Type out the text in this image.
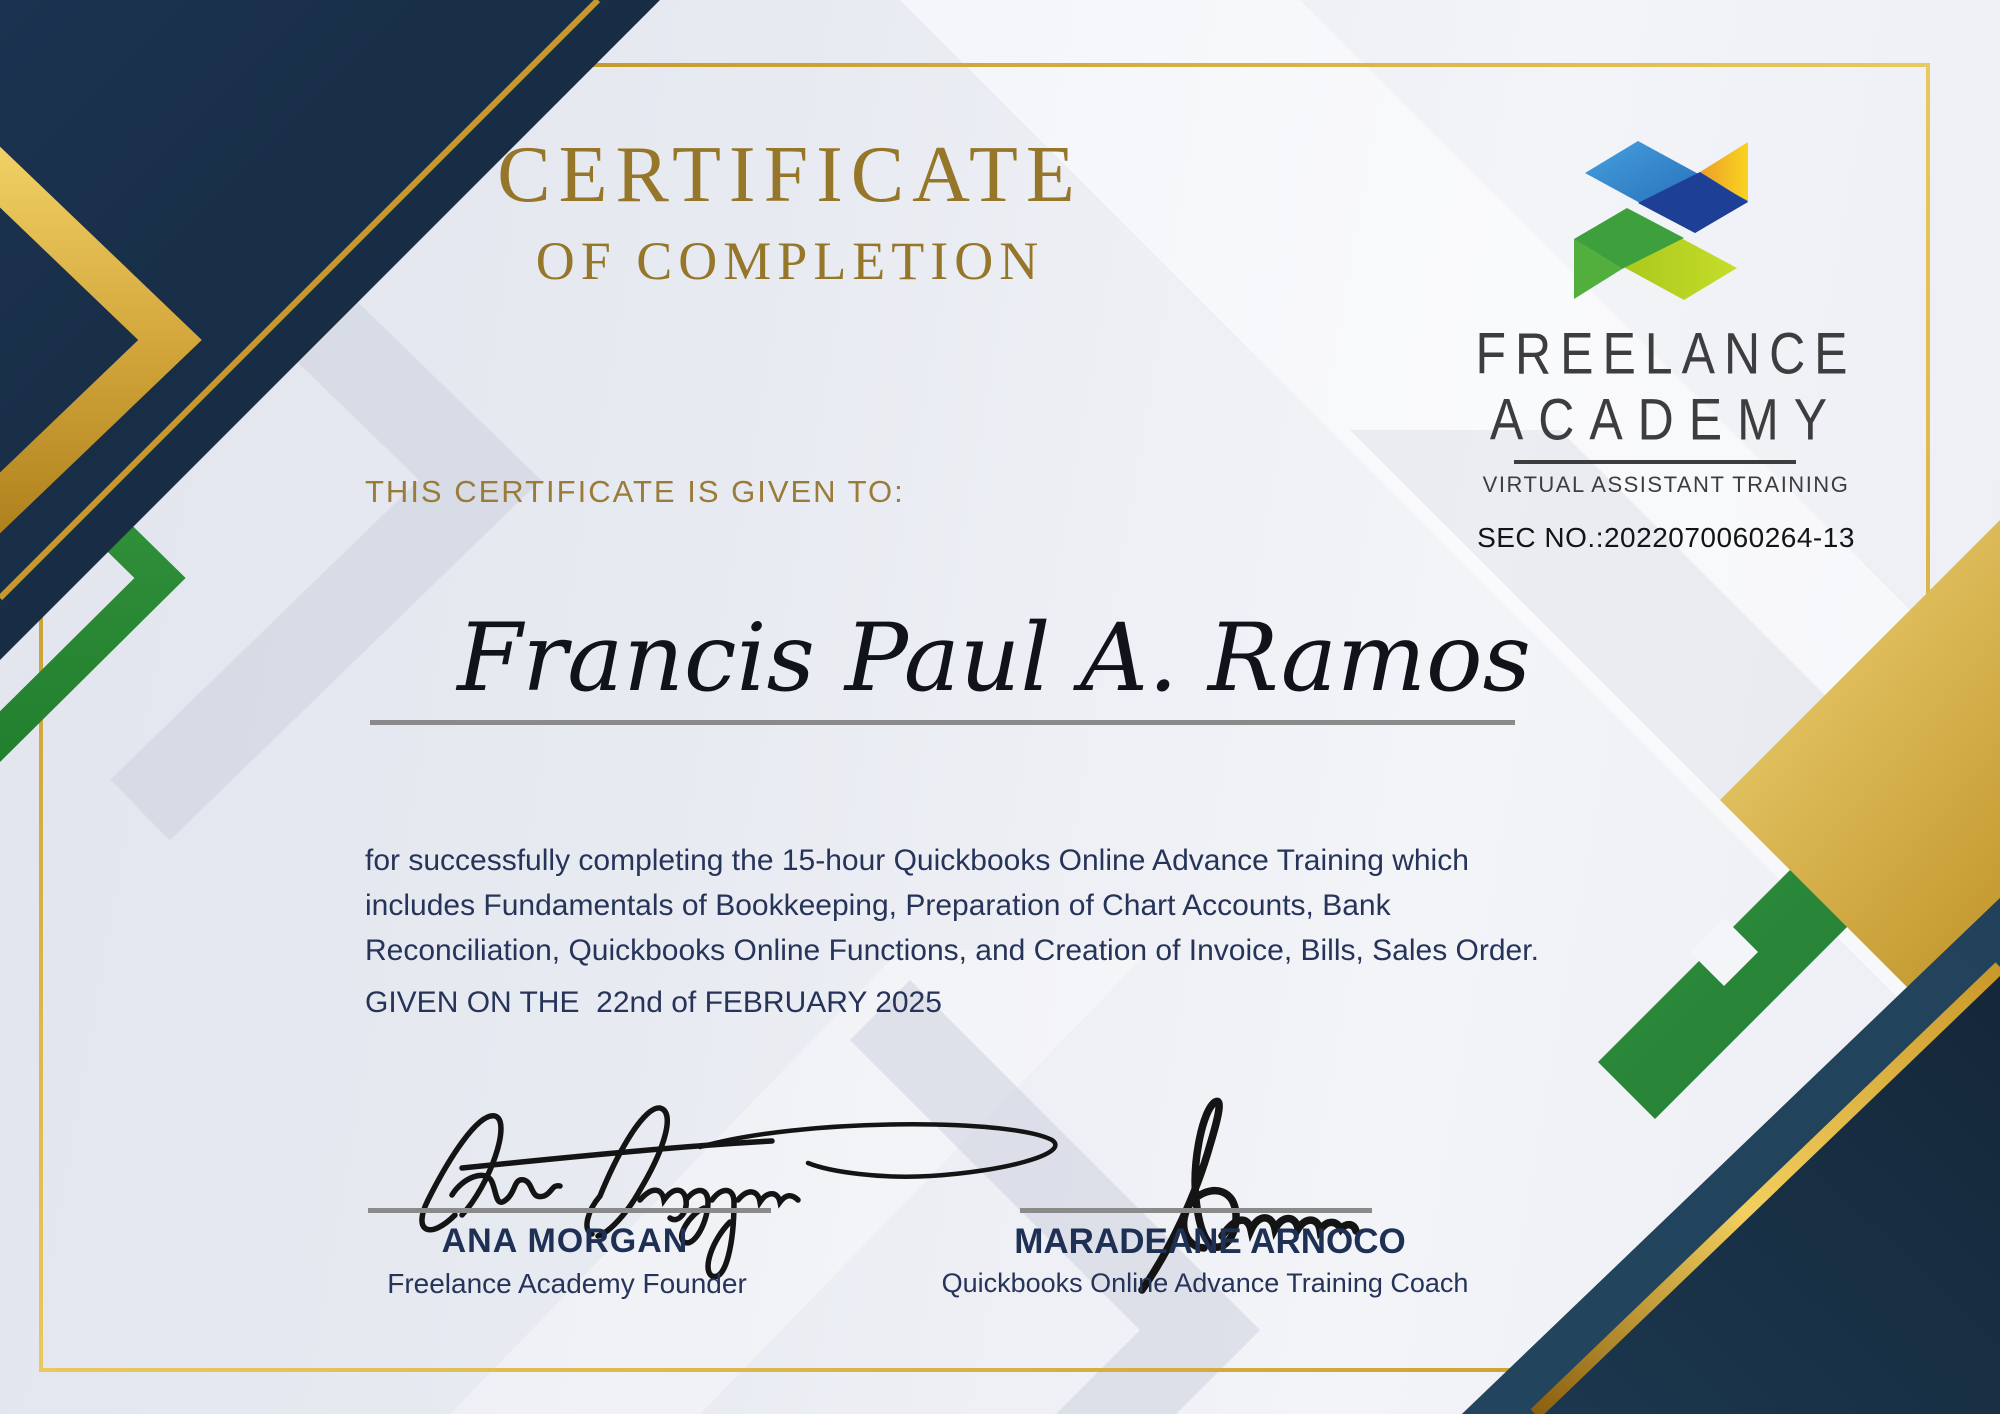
CERTIFICATE
OF COMPLETION
FREELANCE
ACADEMY
VIRTUAL ASSISTANT TRAINING
SEC NO.:2022070060264-13
THIS CERTIFICATE IS GIVEN TO:
Francis Paul A. Ramos
for successfully completing the 15-hour Quickbooks Online Advance Training which
includes Fundamentals of Bookkeeping, Preparation of Chart Accounts, Bank
Reconciliation, Quickbooks Online Functions, and Creation of Invoice, Bills, Sales Order.
GIVEN ON THE  22nd of FEBRUARY 2025
ANA MORGAN
Freelance Academy Founder
MARADEANE ARNOCO
Quickbooks Online Advance Training Coach
